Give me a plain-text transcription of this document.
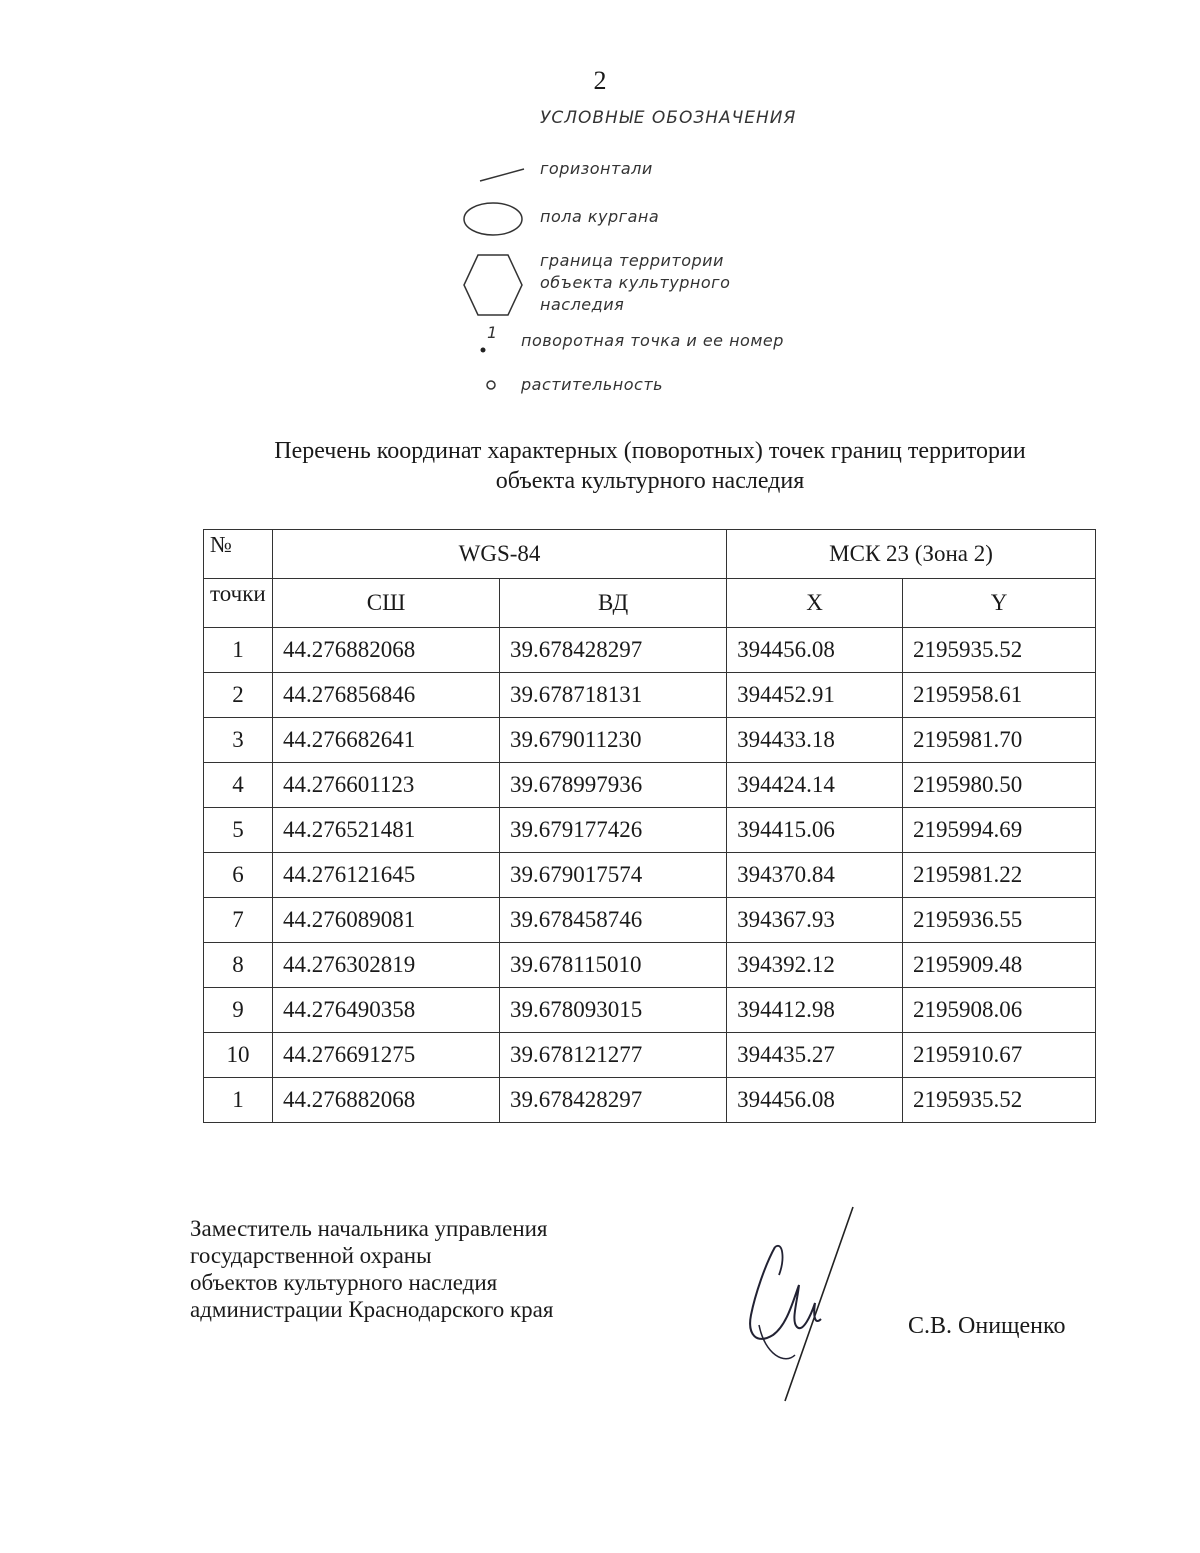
2
УСЛОВНЫЕ ОБОЗНАЧЕНИЯ
горизонтали
пола кургана
граница территории
объекта культурного
наследия
1 поворотная точка и ее номер
растительность
Перечень координат характерных (поворотных) точек границ территории
объекта культурного наследия
№	WGS-84		МСК 23 (Зона 2)	
точки	СШ	ВД	X	Y
1	44.276882068	39.678428297	394456.08	2195935.52
2	44.276856846	39.678718131	394452.91	2195958.61
3	44.276682641	39.679011230	394433.18	2195981.70
4	44.276601123	39.678997936	394424.14	2195980.50
5	44.276521481	39.679177426	394415.06	2195994.69
6	44.276121645	39.679017574	394370.84	2195981.22
7	44.276089081	39.678458746	394367.93	2195936.55
8	44.276302819	39.678115010	394392.12	2195909.48
9	44.276490358	39.678093015	394412.98	2195908.06
10	44.276691275	39.678121277	394435.27	2195910.67
1	44.276882068	39.678428297	394456.08	2195935.52
Заместитель начальника управления
государственной охраны
объектов культурного наследия
администрации Краснодарского края
С.В. Онищенко
